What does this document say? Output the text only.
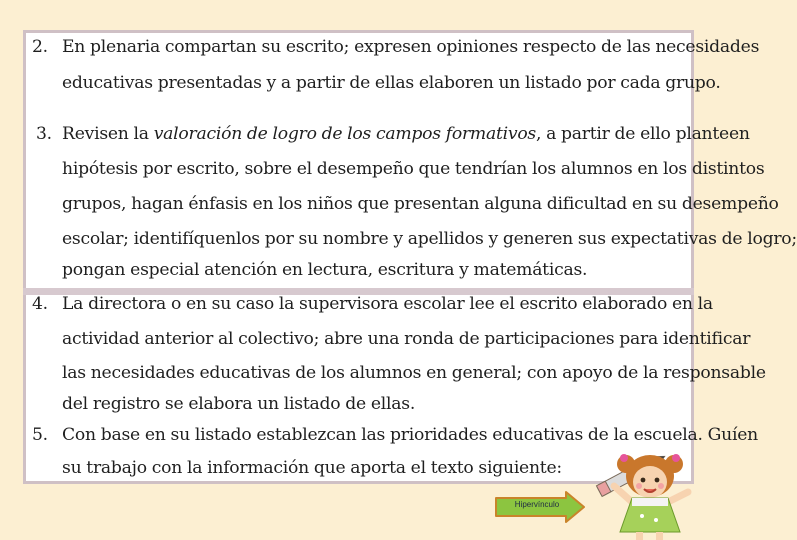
2. En plenaria compartan su escrito; expresen opiniones respecto de las necesidades
educativas presentadas y a partir de ellas elaboren un listado por cada grupo.
3. Revisen la valoración de logro de los campos formativos, a partir de ello planteen
hipótesis por escrito, sobre el desempeño que tendrían los alumnos en los distintos
grupos, hagan énfasis en los niños que presentan alguna dificultad en su desempeño
escolar; identifíquenlos por su nombre y apellidos y generen sus expectativas de logro;
pongan especial atención en lectura, escritura y matemáticas.
4. La directora o en su caso la supervisora escolar lee el escrito elaborado en la
actividad anterior al colectivo; abre una ronda de participaciones para identificar
las necesidades educativas de los alumnos en general; con apoyo de la responsable
del registro se elabora un listado de ellas.
5. Con base en su listado establezcan las prioridades educativas de la escuela. Guíen
su trabajo con la información que aporta el texto siguiente:
Hipervínculo
